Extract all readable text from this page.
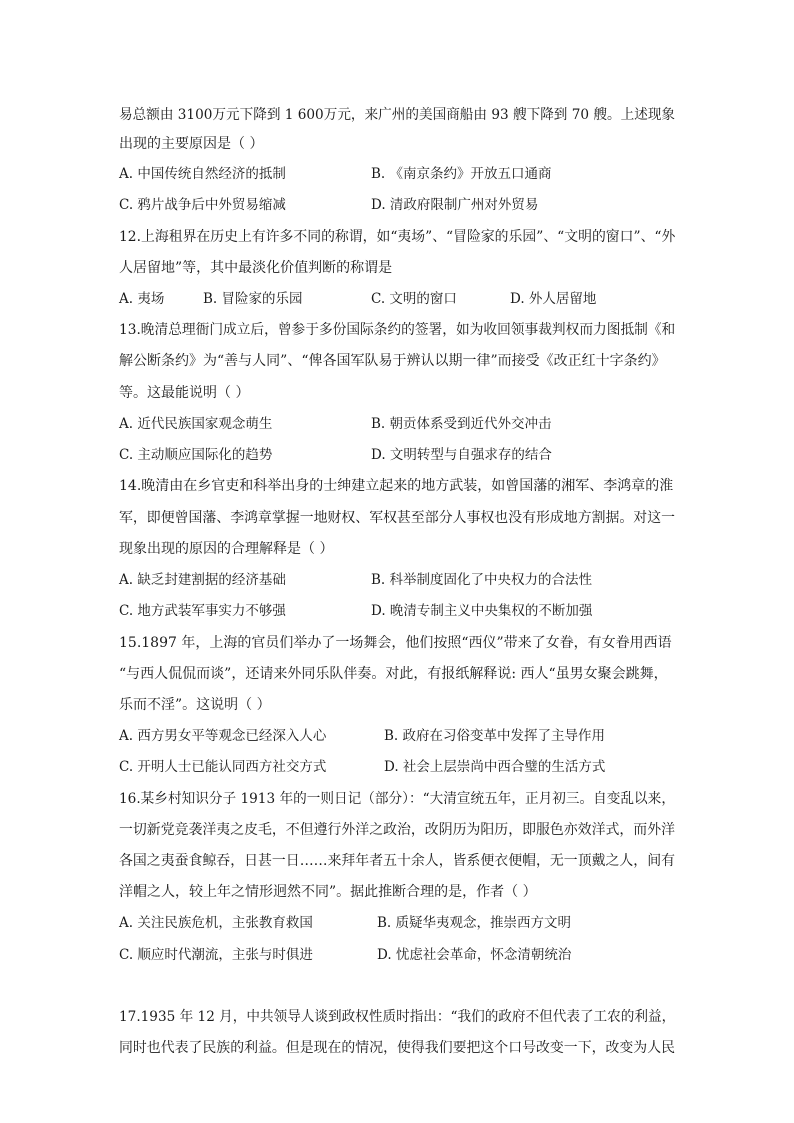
易总额由 3100万元下降到 1 600万元，来广州的美国商船由 93 艘下降到 70 艘。上述现象
出现的主要原因是（ ）
A. 中国传统自然经济的抵制	B. 《南京条约》开放五口通商
C. 鸦片战争后中外贸易缩减	D. 清政府限制广州对外贸易
12.上海租界在历史上有许多不同的称谓，如“夷场”、“冒险家的乐园”、“文明的窗口”、“外
人居留地”等，其中最淡化价值判断的称谓是
A. 夷场	B. 冒险家的乐园	C. 文明的窗口	D. 外人居留地
13.晚清总理衙门成立后，曾参于多份国际条约的签署，如为收回领事裁判权而力图抵制《和
解公断条约》为“善与人同”、“俾各国军队易于辨认以期一律”而接受《改正红十字条约》
等。这最能说明（ ）
A. 近代民族国家观念萌生	B. 朝贡体系受到近代外交冲击
C. 主动顺应国际化的趋势	D. 文明转型与自强求存的结合
14.晚清由在乡官吏和科举出身的士绅建立起来的地方武装，如曾国藩的湘军、李鸿章的淮
军，即便曾国藩、李鸿章掌握一地财权、军权甚至部分人事权也没有形成地方割据。对这一
现象出现的原因的合理解释是（ ）
A. 缺乏封建割据的经济基础	B. 科举制度固化了中央权力的合法性
C. 地方武装军事实力不够强	D. 晚清专制主义中央集权的不断加强
15.1897 年，上海的官员们举办了一场舞会，他们按照“西仪”带来了女眷，有女眷用西语
“与西人侃侃而谈”，还请来外同乐队伴奏。对此，有报纸解释说: 西人“虽男女聚会跳舞，
乐而不淫”。这说明（ ）
A. 西方男女平等观念已经深入人心	B. 政府在习俗变革中发挥了主导作用
C. 开明人士已能认同西方社交方式	D. 社会上层崇尚中西合璧的生活方式
16.某乡村知识分子 1913 年的一则日记（部分）：“大清宣统五年，正月初三。自变乱以来，
一切新党竞袭洋夷之皮毛，不但遵行外洋之政治，改阴历为阳历，即服色亦效洋式，而外洋
各国之夷蚕食鲸吞，日甚一日……来拜年者五十余人，皆系便衣便帽，无一顶戴之人，间有
洋帽之人，较上年之情形迥然不同”。据此推断合理的是，作者（ ）
A. 关注民族危机，主张教育救国	B. 质疑华夷观念，推崇西方文明
C. 顺应时代潮流，主张与时俱进	D. 忧虑社会革命，怀念清朝统治
17.1935 年 12 月，中共领导人谈到政权性质时指出：“我们的政府不但代表了工农的利益，
同时也代表了民族的利益。但是现在的情况，使得我们要把这个口号改变一下，改变为人民
